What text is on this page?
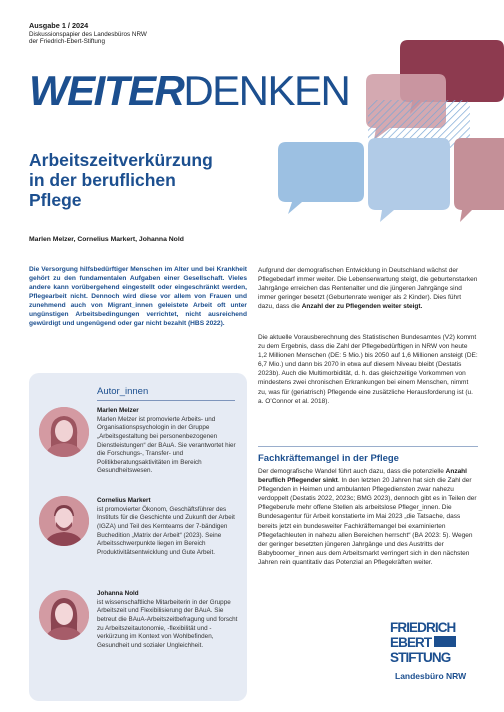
Ausgabe 1 / 2024
Diskussionspapier des Landesbüros NRW
der Friedrich-Ebert-Stiftung
WEITERDENKEN
Arbeitszeitverkürzung
in der beruflichen
Pflege
Marlen Melzer, Cornelius Markert, Johanna Nold
Die Versorgung hilfsbedürftiger Menschen im Alter und bei Krankheit gehört zu den fundamentalen Aufgaben einer Gesellschaft. Vieles andere kann vorübergehend eingestellt oder eingeschränkt werden, Pflegearbeit nicht. Dennoch wird diese vor allem von Frauen und zunehmend auch von Migrant_innen geleistete Arbeit oft unter ungünstigen Arbeitsbedingungen verrichtet, nicht ausreichend gewürdigt und ungenügend oder gar nicht bezahlt (HBS 2022).
Aufgrund der demografischen Entwicklung in Deutschland wächst der Pflegebedarf immer weiter. Die Lebenserwartung steigt, die geburtenstarken Jahrgänge erreichen das Rentenalter und die jüngeren Jahrgänge sind immer geringer besetzt (Geburtenrate weniger als 2 Kinder). Dies führt dazu, dass die Anzahl der zu Pflegenden weiter steigt.
Die aktuelle Vorausberechnung des Statistischen Bundesamtes (V2) kommt zu dem Ergebnis, dass die Zahl der Pflegebedürftigen in NRW von heute 1,2 Millionen Menschen (DE: 5 Mio.) bis 2050 auf 1,6 Millionen ansteigt (DE: 6,7 Mio.) und dann bis 2070 in etwa auf diesem Niveau bleibt (Destatis 2023b). Auch die Multimorbidität, d. h. das gleichzeitige Vorkommen von mindestens zwei chronischen Erkrankungen bei einem Menschen, nimmt zu, was für (geriatrisch) Pflegende eine zusätzliche Herausforderung ist (u. a. O’Connor et al. 2018).
Fachkräftemangel in der Pflege
Der demografische Wandel führt auch dazu, dass die potenzielle Anzahl beruflich Pflegender sinkt. In den letzten 20 Jahren hat sich die Zahl der Pflegenden in Heimen und ambulanten Pflegediensten zwar nahezu verdoppelt (Destatis 2022, 2023c; BMG 2023), dennoch gibt es in Teilen der Pflegeberufe mehr offene Stellen als arbeitslose Pfleger_innen. Die Bundesagentur für Arbeit konstatierte im Mai 2023 „die Tatsache, dass bereits jetzt ein bundesweiter Fachkräftemangel bei examinierten Pflegefachleuten in nahezu allen Bereichen herrscht“ (BA 2023: 5). Wegen der geringer besetzten jüngeren Jahrgänge und des Austritts der Babyboomer_innen aus dem Arbeitsmarkt verringert sich in den nächsten Jahren rein quantitativ das Potenzial an Pflegekräften weiter.
Autor_innen
Marlen Melzer
Marlen Melzer ist promovierte Arbeits- und Organisationspsychologin in der Gruppe „Arbeitsgestaltung bei personenbezogenen Dienstleistungen“ der BAuA. Sie verantwortet hier die Forschungs-, Transfer- und Politikberatungsaktivitäten im Bereich Gesundheitswesen.
Cornelius Markert
ist promovierter Ökonom, Geschäftsführer des Instituts für die Geschichte und Zukunft der Arbeit (IGZA) und Teil des Kernteams der 7-bändigen Buchedition „Matrix der Arbeit“ (2023). Seine Arbeitsschwerpunkte liegen im Bereich Produktivitätsentwicklung und Gute Arbeit.
Johanna Nold
ist wissenschaftliche Mitarbeiterin in der Gruppe Arbeitszeit und Flexibilisierung der BAuA. Sie betreut die BAuA-Arbeitszeitbefragung und forscht zu Arbeitszeitautonomie, -flexibilität und -verkürzung im Kontext von Wohlbefinden, Gesundheit und sozialer Ungleichheit.
FRIEDRICH
EBERT
STIFTUNG
Landesbüro NRW
